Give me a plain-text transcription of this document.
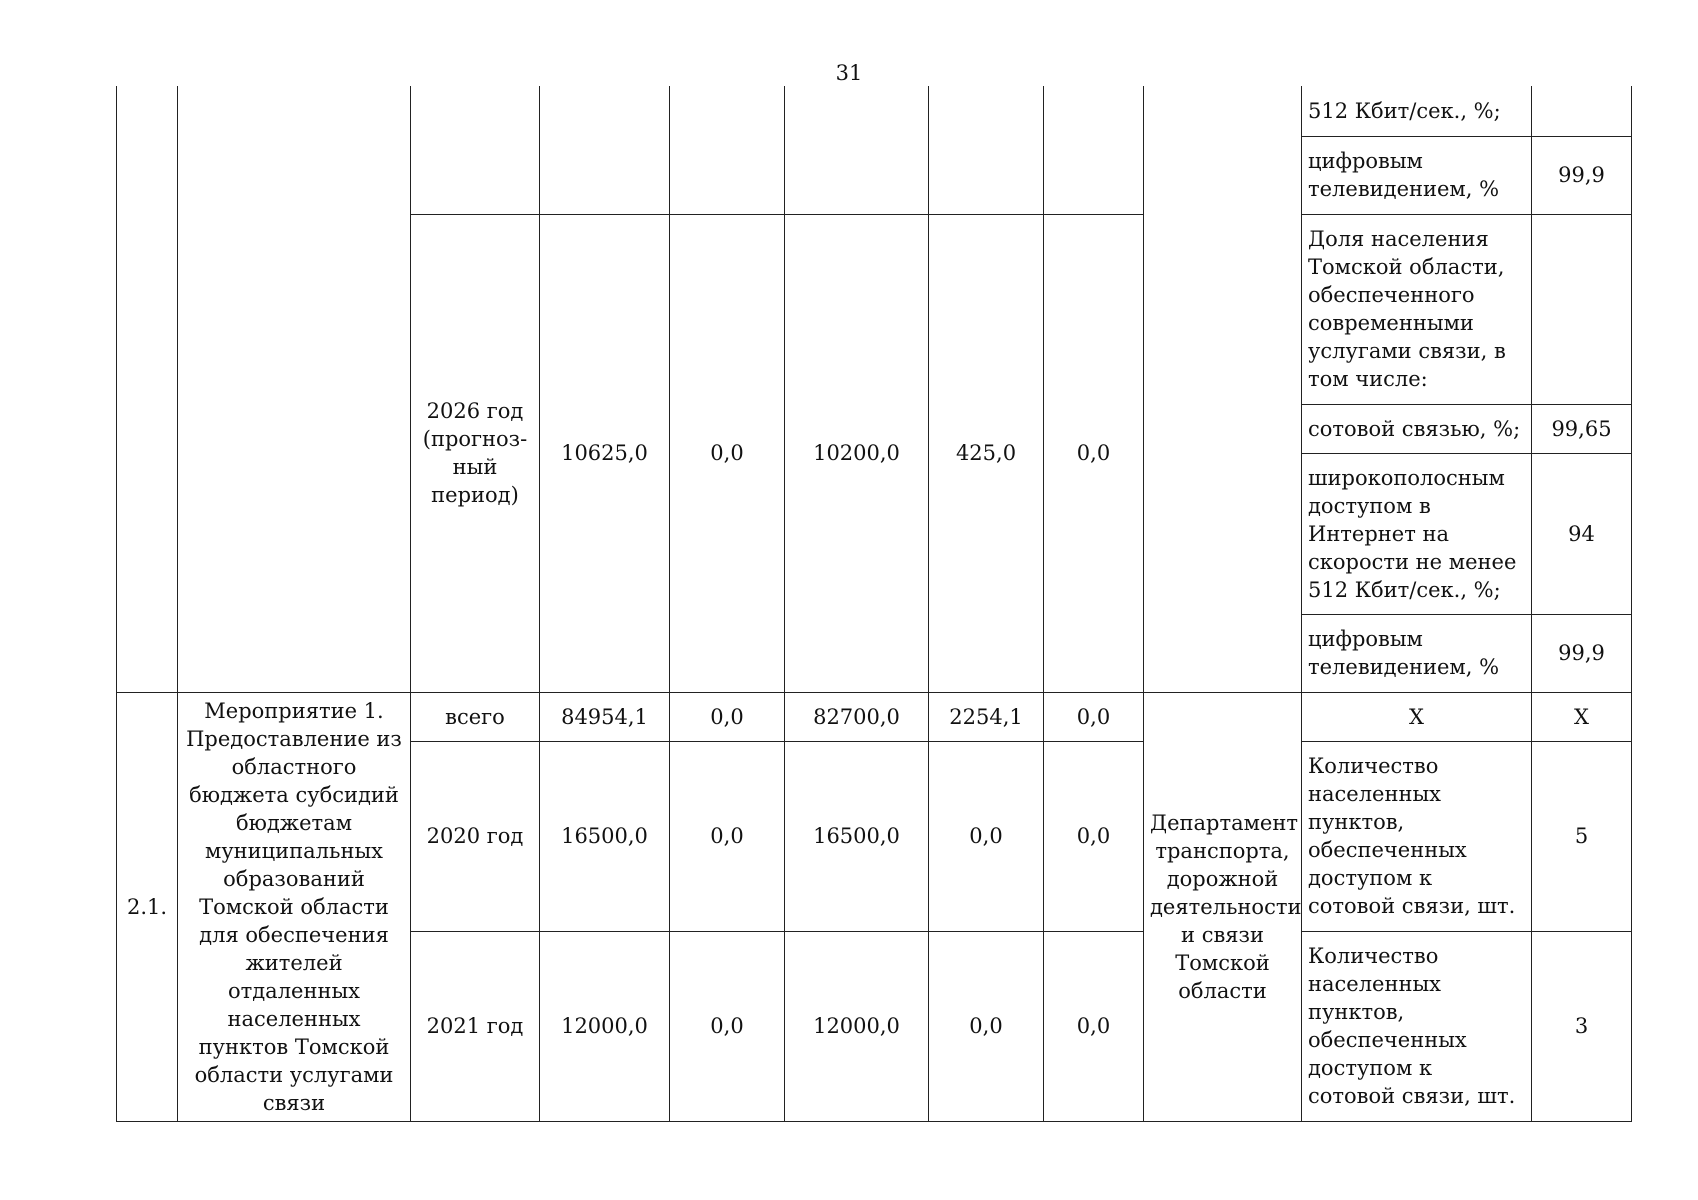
31
									512 Кбит/сек., %;	
									цифровым телевидением, %	99,9
		2026 год (прогноз-ный период)	10625,0	0,0	10200,0	425,0	0,0		Доля населения Томской области, обеспеченного современными услугами связи, в том числе:	
									сотовой связью, %;	99,65
									широкополосным доступом в Интернет на скорости не менее 512 Кбит/сек., %;	94
									цифровым телевидением, %	99,9

2.1.	Мероприятие 1. Предоставление из областного бюджета субсидий бюджетам муниципальных образований Томской области для обеспечения жителей отдаленных населенных пунктов Томской области услугами связи	всего	84954,1	0,0	82700,0	2254,1	0,0	Департамент транспорта, дорожной деятельности и связи Томской области	Х	Х
		2020 год	16500,0	0,0	16500,0	0,0	0,0		Количество населенных пунктов, обеспеченных доступом к сотовой связи, шт.	5
		2021 год	12000,0	0,0	12000,0	0,0	0,0		Количество населенных пунктов, обеспеченных доступом к сотовой связи, шт.	3
